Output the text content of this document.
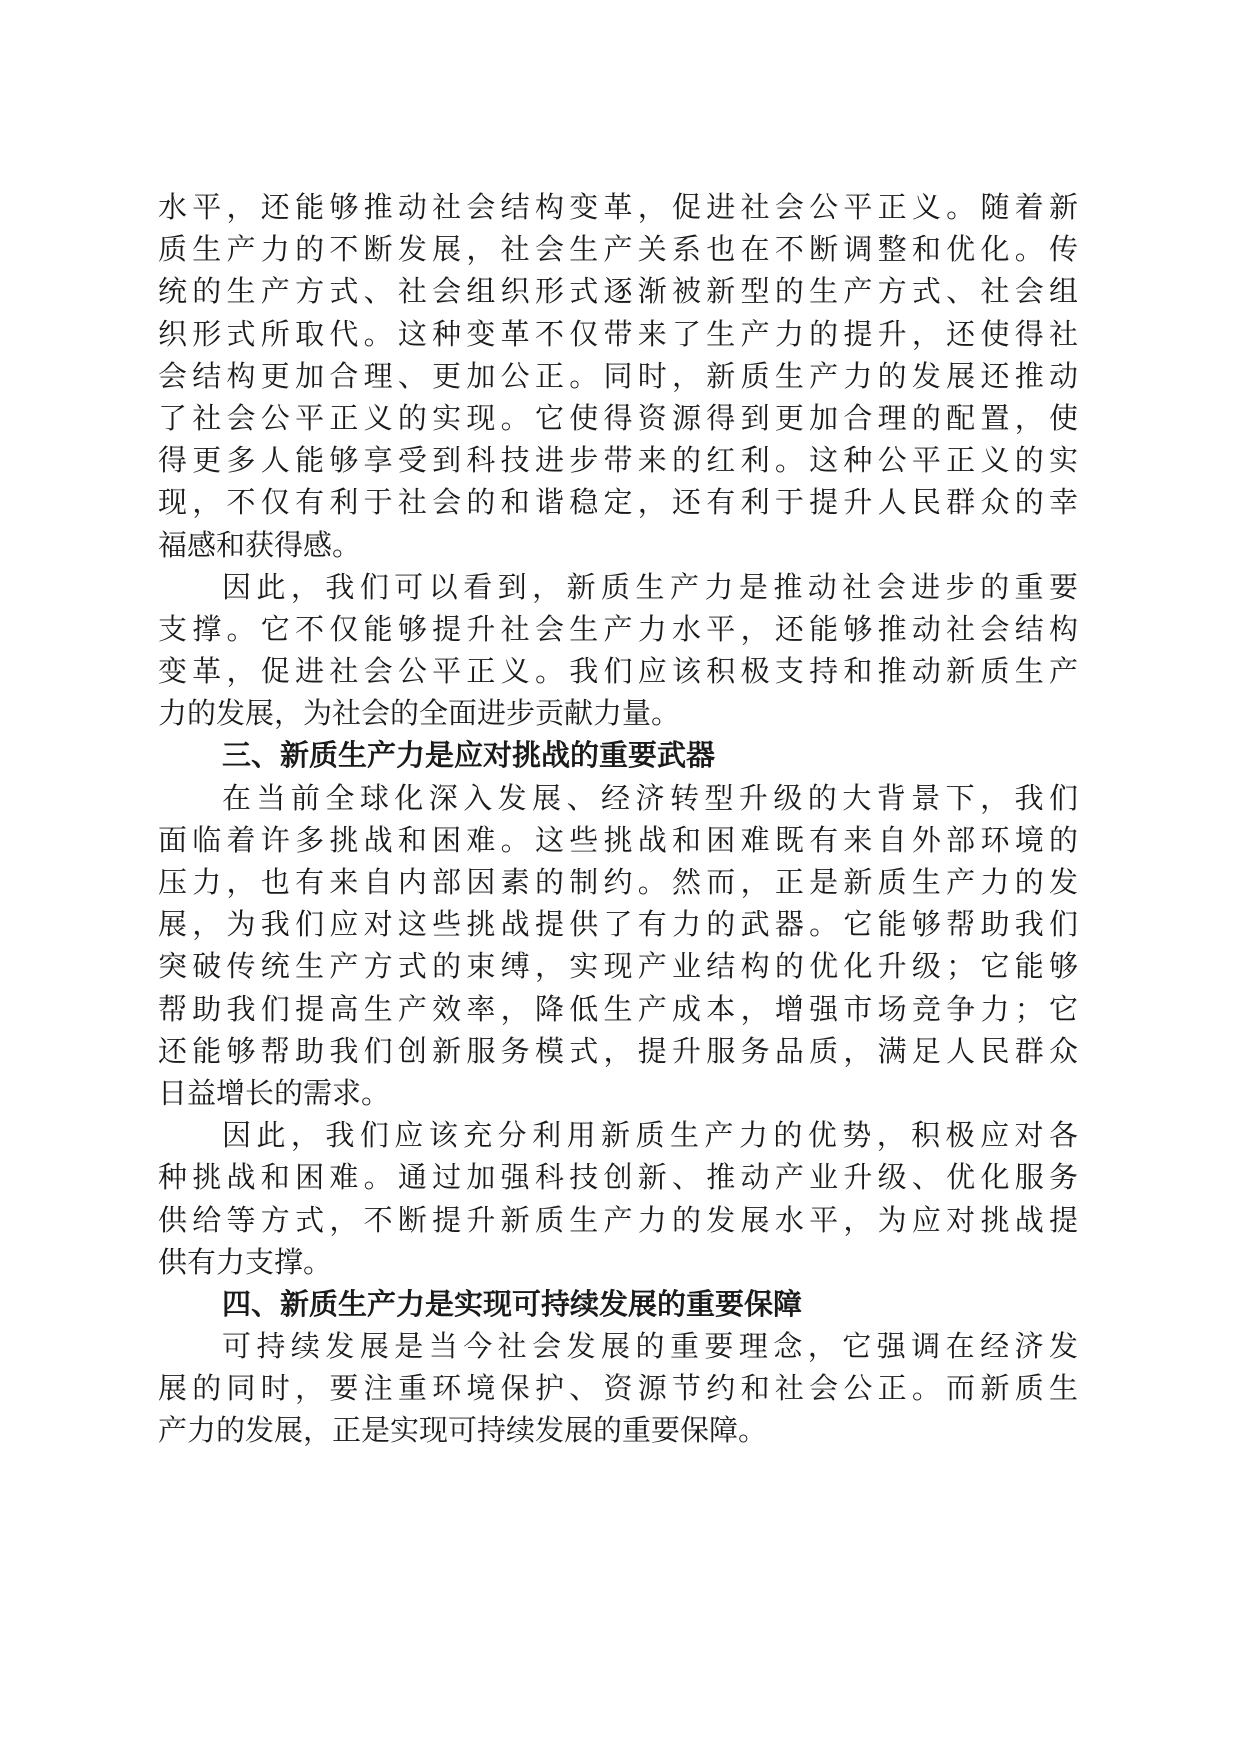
水平，还能够推动社会结构变革，促进社会公平正义。随着新
质生产力的不断发展，社会生产关系也在不断调整和优化。传
统的生产方式、社会组织形式逐渐被新型的生产方式、社会组
织形式所取代。这种变革不仅带来了生产力的提升，还使得社
会结构更加合理、更加公正。同时，新质生产力的发展还推动
了社会公平正义的实现。它使得资源得到更加合理的配置，使
得更多人能够享受到科技进步带来的红利。这种公平正义的实
现，不仅有利于社会的和谐稳定，还有利于提升人民群众的幸
福感和获得感。
因此，我们可以看到，新质生产力是推动社会进步的重要
支撑。它不仅能够提升社会生产力水平，还能够推动社会结构
变革，促进社会公平正义。我们应该积极支持和推动新质生产
力的发展，为社会的全面进步贡献力量。
三、新质生产力是应对挑战的重要武器
在当前全球化深入发展、经济转型升级的大背景下，我们
面临着许多挑战和困难。这些挑战和困难既有来自外部环境的
压力，也有来自内部因素的制约。然而，正是新质生产力的发
展，为我们应对这些挑战提供了有力的武器。它能够帮助我们
突破传统生产方式的束缚，实现产业结构的优化升级；它能够
帮助我们提高生产效率，降低生产成本，增强市场竞争力；它
还能够帮助我们创新服务模式，提升服务品质，满足人民群众
日益增长的需求。
因此，我们应该充分利用新质生产力的优势，积极应对各
种挑战和困难。通过加强科技创新、推动产业升级、优化服务
供给等方式，不断提升新质生产力的发展水平，为应对挑战提
供有力支撑。
四、新质生产力是实现可持续发展的重要保障
可持续发展是当今社会发展的重要理念，它强调在经济发
展的同时，要注重环境保护、资源节约和社会公正。而新质生
产力的发展，正是实现可持续发展的重要保障。
